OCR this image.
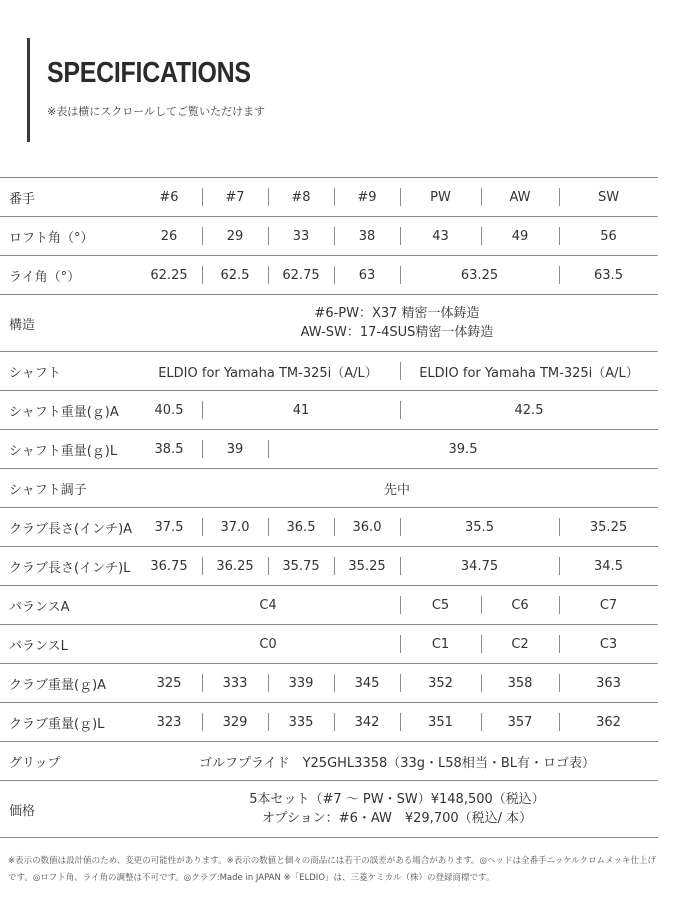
SPECIFICATIONS
※表は横にスクロールしてご覧いただけます
番手	#6	#7	#8	#9	PW	AW	SW
ロフト角（°）	26	29	33	38	43	49	56
ライ角（°）	62.25	62.5	62.75	63	63.25		63.5
構造	#6-PW：X37 精密一体鋳造
AW-SW：17-4SUS精密一体鋳造						
シャフト	ELDIO for Yamaha TM-325i（A/L）				ELDIO for Yamaha TM-325i（A/L）		
シャフト重量(ｇ)A	40.5	41			42.5		
シャフト重量(ｇ)L	38.5	39	39.5				
シャフト調子	先中						
クラブ長さ(インチ)A	37.5	37.0	36.5	36.0	35.5		35.25
クラブ長さ(インチ)L	36.75	36.25	35.75	35.25	34.75		34.5
バランスA	C4				C5	C6	C7
バランスL	C0				C1	C2	C3
クラブ重量(ｇ)A	325	333	339	345	352	358	363
クラブ重量(ｇ)L	323	329	335	342	351	357	362
グリップ	ゴルフプライド　Y25GHL3358（33g・L58相当・BL有・ロゴ表）						
価格	5本セット（#7 ～ PW・SW）¥148,500（税込）
オプション：#6・AW　¥29,700（税込/ 本）						
※表示の数値は設計値のため、変更の可能性があります。※表示の数値と個々の商品には若干の誤差がある場合があります。◎ヘッドは全番手ニッケルクロムメッキ仕上げ
です。◎ロフト角、ライ角の調整は不可です。◎クラブ:Made in JAPAN ※「ELDIO」は、三菱ケミカル（株）の登録商標です。
